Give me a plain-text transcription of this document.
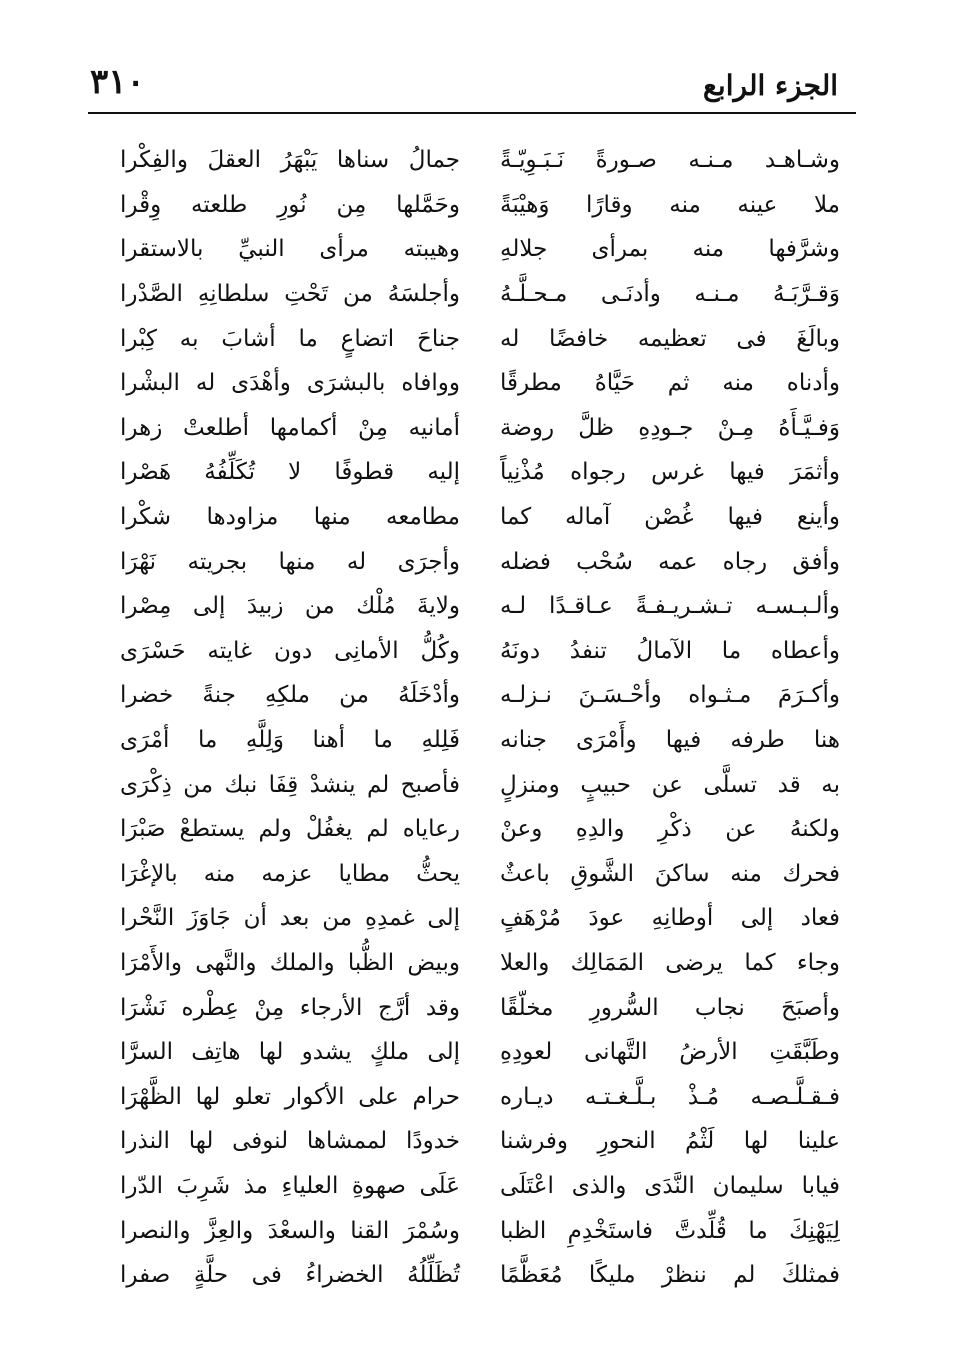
٣١٠	الجزء الرابع
وشـاهـد مـنـه صـورةً نَـبَـوِيّـةً
جمالُ سناها يَبْهَرُ العقلَ والفِكْرا
ملا عينه منه وقارًا وَهيْبَةً
وحَمَّلها مِن نُورِ طلعته وِقْرا
وشرَّفها منه بمرأى جلالهِ
وهيبته مرأى النبيِّ بالاستقرا
وَقـرَّبَـهُ مـنـه وأدنَـى مـحـلَّـهُ
وأجلسَهُ من تَحْتِ سلطانِهِ الصَّدْرا
وبالَغَ فى تعظيمه خافضًا له
جناحَ اتضاعٍ ما أشابَ به كِبْرا
وأدناه منه ثم حَيَّاهُ مطرقًا
ووافاه بالبشرَى وأهْدَى له البشْرا
وَفـيَّـأَهُ مِـنْ جـودِهِ ظلَّ روضة
أمانيه مِنْ أكمامها أطلعتْ زهرا
وأثمَرَ فيها غرس رجواه مُذْنِياً
إليه قطوفًا لا تُكَلِّفُهُ هَصْرا
وأينع فيها غُصْن آماله كما
مطامعه منها مزاودها شكْرا
وأفق رجاه عمه سُحْب فضله
وأجرَى له منها بجريته نَهْرَا
وألـبـسـه تـشـريـفـةً عـاقـدًا لـه
ولايةَ مُلْك من زبيدَ إلى مِصْرا
وأعطاه ما الآمالُ تنفدُ دونَهُ
وكُلُّ الأمانِى دون غايته حَسْرَى
وأكـرَمَ مـثـواه وأحْـسَـنَ نـزلـه
وأدْخَلَهُ من ملكِهِ جنةً خضرا
هنا طرفه فيها وأَمْرَى جنانه
فَلِلهِ ما أهنا وَلِلَّهِ ما أمْرَى
به قد تسلَّى عن حبيبٍ ومنزلٍ
فأصبح لم ينشدْ قِفَا نبك من ذِكْرَى
ولكنهُ عن ذكْرِ والدِهِ وعنْ
رعاياه لم يغفُلْ ولم يستطعْ صَبْرَا
فحرك منه ساكنَ الشَّوقِ باعثٌ
يحثُّ مطايا عزمه منه بالإغْرَا
فعاد إلى أوطانِهِ عودَ مُرْهَفٍ
إلى غمدِهِ من بعد أن جَاوَزَ النَّحْرا
وجاء كما يرضى المَمَالِك والعلا
وبيض الظُّبا والملك والنَّهى والأَمْرَا
وأصبَحَ نجاب السُّرورِ مخلّقًا
وقد أرَّج الأرجاء مِنْ عِطْره نَشْرَا
وطَبَّقَتِ الأرضُ التَّهانى لعودِهِ
إلى ملكٍ يشدو لها هاتِف السرَّا
فـقـلَّـصـه مُـذْ بـلَّـغـتـه ديـاره
حرام على الأكوار تعلو لها الظَّهْرَا
علينا لها لَثْمُ النحورِ وفرشنا
خدودًا لممشاها لنوفى لها النذرا
فيابا سليمان النَّدَى والذى اعْتَلَى
عَلَى صهوةِ العلياءِ مذ شَرِبَ الدّرا
لِيَهْنِكَ ما قُلِّدتَّ فاستَخْدِمِ الظبا
وسُمْرَ القنا والسعْدَ والعِزَّ والنصرا
فمثلكَ لم ننظرْ مليكًا مُعَظَّمًا
تُظَلِّلُهُ الخضراءُ فى حلَّةٍ صفرا
